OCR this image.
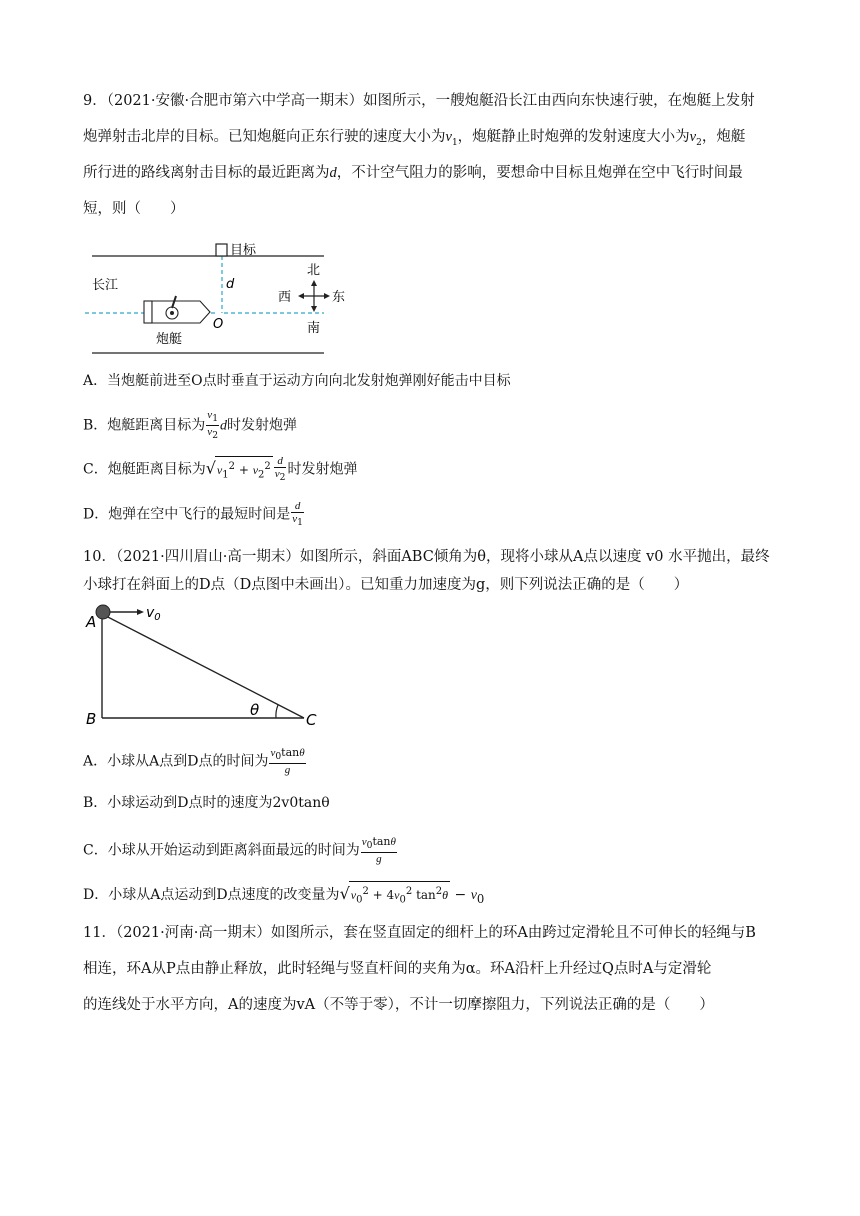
9．（2021·安徽·合肥市第六中学高一期末）如图所示，一艘炮艇沿长江由西向东快速行驶，在炮艇上发射
炮弹射击北岸的目标。已知炮艇向正东行驶的速度大小为$v_1$，炮艇静止时炮弹的发射速度大小为$v_2$，炮艇
所行进的路线离射击目标的最近距离为d，不计空气阻力的影响，要想命中目标且炮弹在空中飞行时间最
短，则（　　）
目标
长江	d
炮艇
O
北
西	东
南
A．当炮艇前进至O点时垂直于运动方向向北发射炮弹刚好能击中目标
B．炮艇距离目标为 $\frac{v_1}{v_2}$ d时发射炮弹
C．炮艇距离目标为$√v_1^2 + v_2^2 \frac{d}{v_2}$ 时发射炮弹
D．炮弹在空中飞行的最短时间是 $\frac{d}{v_1}$
10．（2021·四川眉山·高一期末）如图所示，斜面ABC倾角为θ，现将小球从A点以速度 v0 水平抛出，最终
小球打在斜面上的D点（D点图中未画出）。已知重力加速度为g，则下列说法正确的是（　　）
$v_0$
A
B	C
θ
A．小球从A点到D点的时间为 $\frac{v_0\tan\theta}{g}$
B．小球运动到D点时的速度为2v0tanθ
C．小球从开始运动到距离斜面最远的时间为 $\frac{v_0\tan\theta}{g}$
D．小球从A点运动到D点速度的改变量为$√v_0^2 + 4v_0^2$ $\tan^2\theta - v_0$
11．（2021·河南·高一期末）如图所示，套在竖直固定的细杆上的环A由跨过定滑轮且不可伸长的轻绳与B
相连，环A从P点由静止释放，此时轻绳与竖直杆间的夹角为α。环A沿杆上升经过Q点时A与定滑轮
的连线处于水平方向，A的速度为vA（不等于零），不计一切摩擦阻力，下列说法正确的是（　　）
